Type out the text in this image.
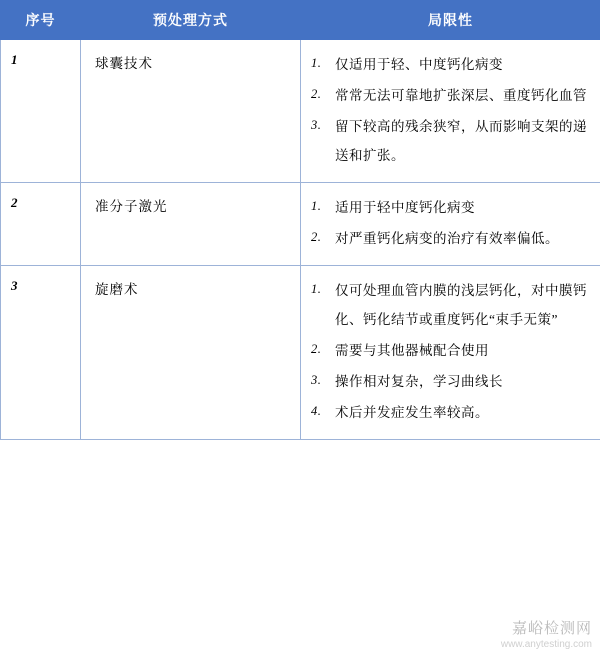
序号	预处理方式	局限性

1	球囊技术	仅适用于轻、中度钙化病变
常常无法可靠地扩张深层、重度钙化血管
留下较高的残余狭窄，从而影响支架的递送和扩张。

2	准分子激光	适用于轻中度钙化病变
对严重钙化病变的治疗有效率偏低。

3	旋磨术	仅可处理血管内膜的浅层钙化，对中膜钙化、钙化结节或重度钙化“束手无策”
需要与其他器械配合使用
操作相对复杂，学习曲线长
术后并发症发生率较高。
嘉峪检测网
www.anytesting.com
